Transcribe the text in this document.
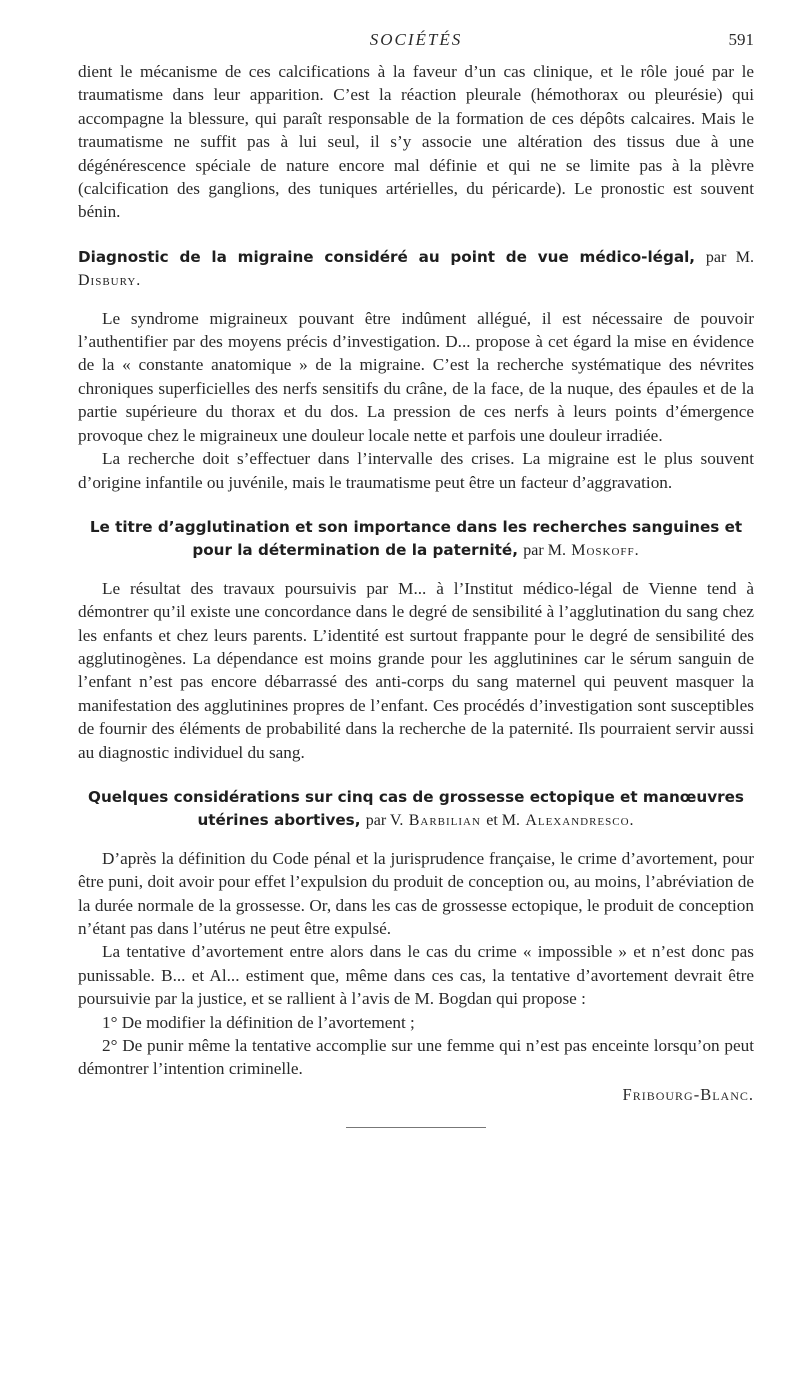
SOCIÉTÉS	591

dient le mécanisme de ces calcifications à la faveur d’un cas clinique, et le rôle joué par le traumatisme dans leur apparition. C’est la réaction pleurale (hémothorax ou pleurésie) qui accompagne la blessure, qui paraît responsable de la formation de ces dépôts calcaires. Mais le traumatisme ne suffit pas à lui seul, il s’y associe une altération des tissus due à une dégénérescence spéciale de nature encore mal définie et qui ne se limite pas à la plèvre (calcification des ganglions, des tuniques artérielles, du péricarde). Le pronostic est souvent bénin.

Diagnostic de la migraine considéré au point de vue médico-légal, par M. Disbury.

Le syndrome migraineux pouvant être indûment allégué, il est nécessaire de pouvoir l’authentifier par des moyens précis d’investigation. D... propose à cet égard la mise en évidence de la « constante anatomique » de la migraine. C’est la recherche systématique des névrites chroniques superficielles des nerfs sensitifs du crâne, de la face, de la nuque, des épaules et de la partie supérieure du thorax et du dos. La pression de ces nerfs à leurs points d’émergence provoque chez le migraineux une douleur locale nette et parfois une douleur irradiée.

La recherche doit s’effectuer dans l’intervalle des crises. La migraine est le plus souvent d’origine infantile ou juvénile, mais le traumatisme peut être un facteur d’aggravation.

Le titre d’agglutination et son importance dans les recherches sanguines et pour la détermination de la paternité, par M. Moskoff.

Le résultat des travaux poursuivis par M... à l’Institut médico-légal de Vienne tend à démontrer qu’il existe une concordance dans le degré de sensibilité à l’agglutination du sang chez les enfants et chez leurs parents. L’identité est surtout frappante pour le degré de sensibilité des agglutinogènes. La dépendance est moins grande pour les agglutinines car le sérum sanguin de l’enfant n’est pas encore débarrassé des anti-corps du sang maternel qui peuvent masquer la manifestation des agglutinines propres de l’enfant. Ces procédés d’investigation sont susceptibles de fournir des éléments de probabilité dans la recherche de la paternité. Ils pourraient servir aussi au diagnostic individuel du sang.

Quelques considérations sur cinq cas de grossesse ectopique et manœuvres utérines abortives, par V. Barbilian et M. Alexandresco.

D’après la définition du Code pénal et la jurisprudence française, le crime d’avortement, pour être puni, doit avoir pour effet l’expulsion du produit de conception ou, au moins, l’abréviation de la durée normale de la grossesse. Or, dans les cas de grossesse ectopique, le produit de conception n’étant pas dans l’utérus ne peut être expulsé.

La tentative d’avortement entre alors dans le cas du crime « impossible » et n’est donc pas punissable. B... et Al... estiment que, même dans ces cas, la tentative d’avortement devrait être poursuivie par la justice, et se rallient à l’avis de M. Bogdan qui propose :

1° De modifier la définition de l’avortement ;

2° De punir même la tentative accomplie sur une femme qui n’est pas enceinte lorsqu’on peut démontrer l’intention criminelle.

Fribourg-Blanc.
